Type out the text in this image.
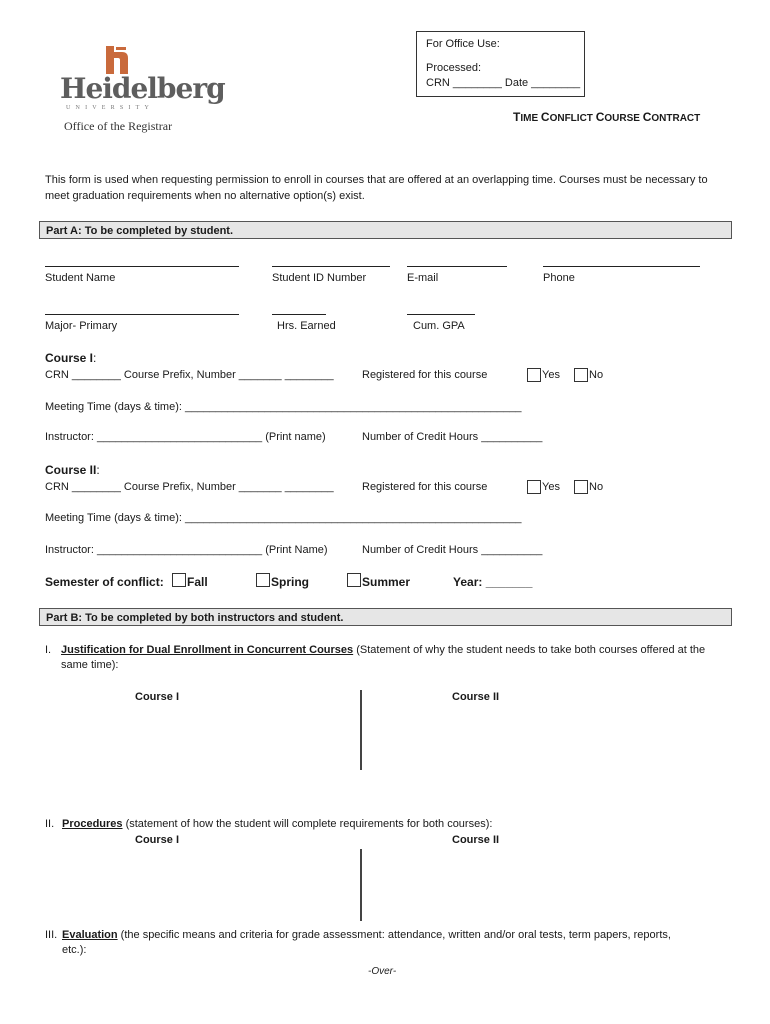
For Office Use:
Processed:
CRN ________ Date ________
Heidelberg
UNIVERSITY
Office of the Registrar
TIME CONFLICT COURSE CONTRACT
This form is used when requesting permission to enroll in courses that are offered at an overlapping time. Courses must be necessary to meet graduation requirements when no alternative option(s) exist.
Part A: To be completed by student.
Student Name	Student ID Number	E-mail	Phone
Major- Primary	Hrs. Earned	Cum. GPA
Course I:
CRN ________ Course Prefix, Number _______ ________	Registered for this course	Yes	No
Meeting Time (days & time): _______________________________________________________
Instructor: ___________________________ (Print name)	Number of Credit Hours __________
Course II:
CRN ________ Course Prefix, Number _______ ________	Registered for this course	Yes	No
Meeting Time (days & time): _______________________________________________________
Instructor: ___________________________ (Print Name)	Number of Credit Hours __________
Semester of conflict: Fall	Spring	Summer	Year: _______
Part B: To be completed by both instructors and student.
I. Justification for Dual Enrollment in Concurrent Courses (Statement of why the student needs to take both courses offered at the
same time):
Course I	Course II
II. Procedures (statement of how the student will complete requirements for both courses):
Course I	Course II
III. Evaluation (the specific means and criteria for grade assessment: attendance, written and/or oral tests, term papers, reports,
etc.):
-Over-
